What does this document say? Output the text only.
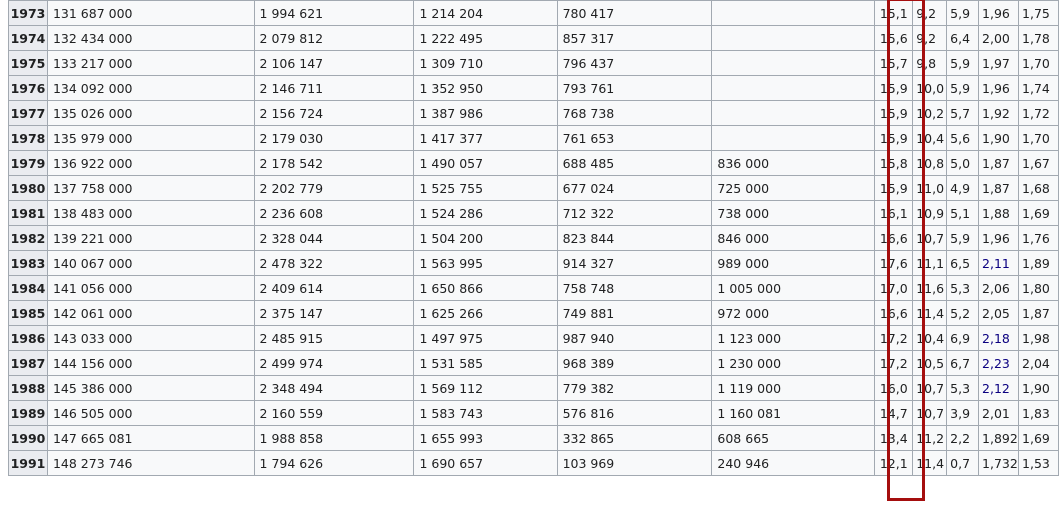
1973	131 687 000	1 994 621	1 214 204	780 417		15,1	9,2	5,9	1,96	1,75
1974	132 434 000	2 079 812	1 222 495	857 317		15,6	9,2	6,4	2,00	1,78
1975	133 217 000	2 106 147	1 309 710	796 437		15,7	9,8	5,9	1,97	1,70
1976	134 092 000	2 146 711	1 352 950	793 761		15,9	10,0	5,9	1,96	1,74
1977	135 026 000	2 156 724	1 387 986	768 738		15,9	10,2	5,7	1,92	1,72
1978	135 979 000	2 179 030	1 417 377	761 653		15,9	10,4	5,6	1,90	1,70
1979	136 922 000	2 178 542	1 490 057	688 485	836 000	15,8	10,8	5,0	1,87	1,67
1980	137 758 000	2 202 779	1 525 755	677 024	725 000	15,9	11,0	4,9	1,87	1,68
1981	138 483 000	2 236 608	1 524 286	712 322	738 000	16,1	10,9	5,1	1,88	1,69
1982	139 221 000	2 328 044	1 504 200	823 844	846 000	16,6	10,7	5,9	1,96	1,76
1983	140 067 000	2 478 322	1 563 995	914 327	989 000	17,6	11,1	6,5	2,11	1,89
1984	141 056 000	2 409 614	1 650 866	758 748	1 005 000	17,0	11,6	5,3	2,06	1,80
1985	142 061 000	2 375 147	1 625 266	749 881	972 000	16,6	11,4	5,2	2,05	1,87
1986	143 033 000	2 485 915	1 497 975	987 940	1 123 000	17,2	10,4	6,9	2,18	1,98
1987	144 156 000	2 499 974	1 531 585	968 389	1 230 000	17,2	10,5	6,7	2,23	2,04
1988	145 386 000	2 348 494	1 569 112	779 382	1 119 000	16,0	10,7	5,3	2,12	1,90
1989	146 505 000	2 160 559	1 583 743	576 816	1 160 081	14,7	10,7	3,9	2,01	1,83
1990	147 665 081	1 988 858	1 655 993	332 865	608 665	13,4	11,2	2,2	1,892	1,69
1991	148 273 746	1 794 626	1 690 657	103 969	240 946	12,1	11,4	0,7	1,732	1,53
